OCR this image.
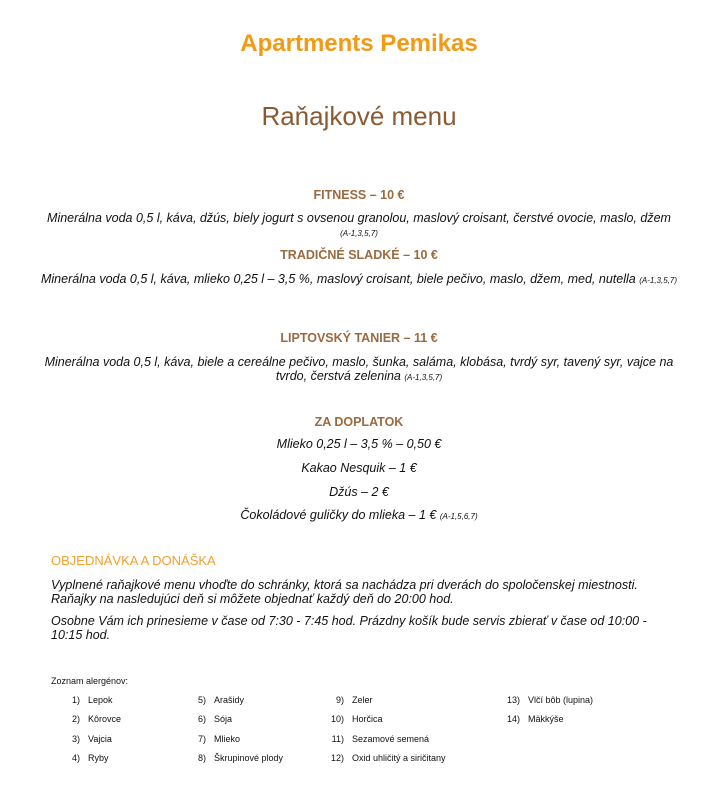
Apartments Pemikas
Raňajkové menu
FITNESS – 10 €
Minerálna voda 0,5 l, káva, džús, biely jogurt s ovsenou granolou, maslový croisant, čerstvé ovocie, maslo, džem (A-1,3,5,7)
TRADIČNÉ SLADKÉ – 10 €
Minerálna voda 0,5 l, káva, mlieko 0,25 l – 3,5 %, maslový croisant, biele pečivo, maslo, džem, med, nutella (A-1,3,5,7)
LIPTOVSKÝ TANIER – 11 €
Minerálna voda 0,5 l, káva, biele a cereálne pečivo, maslo, šunka, saláma, klobása, tvrdý syr, tavený syr, vajce na tvrdo, čerstvá zelenina (A-1,3,5,7)
ZA DOPLATOK
Mlieko 0,25 l – 3,5 % – 0,50 €
Kakao Nesquik – 1 €
Džús – 2 €
Čokoládové guličky do mlieka – 1 € (A-1,5,6,7)
OBJEDNÁVKA A DONÁŠKA
Vyplnené raňajkové menu vhoďte do schránky, ktorá sa nachádza pri dverách do spoločenskej miestnosti. Raňajky na nasledujúci deň si môžete objednať každý deň do 20:00 hod.
Osobne Vám ich prinesieme v čase od 7:30 - 7:45 hod. Prázdny košík bude servis zbierať v čase od 10:00 - 10:15 hod.
Zoznam alergénov:
1) Lepok
2) Kôrovce
3) Vajcia
4) Ryby
5) Arašidy
6) Sója
7) Mlieko
8) Škrupinové plody
9) Zeler
10) Horčica
11) Sezamové semená
12) Oxid uhličitý a siričitany
13) Vlčí bôb (lupina)
14) Mäkkýše
